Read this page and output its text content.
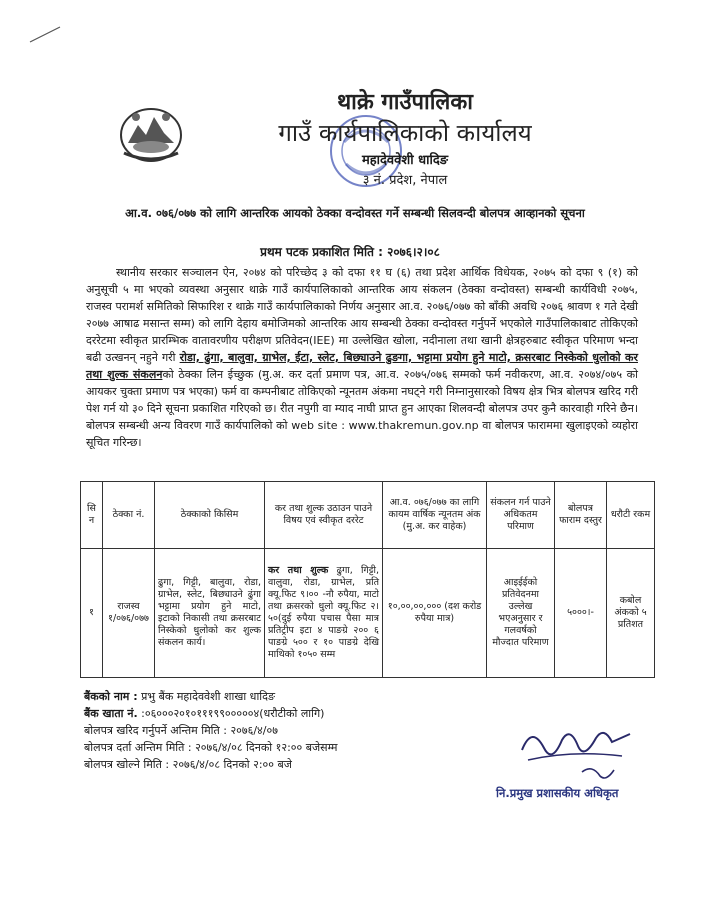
थाक्रे गाउँपालिका
गाउँ कार्यपालिकाको कार्यालय
महादेववेशी धादिङ
३ नं. प्रदेश, नेपाल
आ.व. ०७६/०७७ को लागि आन्तरिक आयको ठेक्का वन्दोवस्त गर्ने सम्बन्धी सिलवन्दी बोलपत्र आव्हानको सूचना
प्रथम पटक प्रकाशित मिति : २०७६।२।०८
स्थानीय सरकार सञ्चालन ऐन, २०७४ को परिच्छेद ३ को दफा ११ घ (६) तथा प्रदेश आर्थिक विधेयक, २०७५ को दफा ९ (१) को अनुसूची ५ मा भएको व्यवस्था अनुसार थाक्रे गाउँ कार्यपालिकाको आन्तरिक आय संकलन (ठेक्का वन्दोवस्त) सम्बन्धी कार्यविधी २०७५, राजस्व परामर्श समितिको सिफारिश र थाक्रे गाउँ कार्यपालिकाको निर्णय अनुसार आ.व. २०७६/०७७ को बाँकी अवधि २०७६ श्रावण १ गते देखी २०७७ आषाढ मसान्त सम्म) को लागि देहाय बमोजिमको आन्तरिक आय सम्बन्धी ठेक्का वन्दोवस्त गर्नुपर्ने भएकोले गाउँपालिकाबाट तोकिएको दररेटमा स्वीकृत प्रारम्भिक वातावरणीय परीक्षण प्रतिवेदन(IEE) मा उल्लेखित खोला, नदीनाला तथा खानी क्षेत्रहरुबाट स्वीकृत परिमाण भन्दा बढी उत्खनन् नहुने गरी रोडा, ढुंगा, बालुवा, ग्राभेल, ईटा, स्लेट, बिछ्याउने ढुङगा, भट्टामा प्रयोग हुने माटो, क्रसरबाट निस्केको धुलोको कर तथा शुल्क संकलनको ठेक्का लिन ईच्छुक (मु.अ. कर दर्ता प्रमाण पत्र, आ.व. २०७५/०७६ सम्मको फर्म नवीकरण, आ.व. २०७४/०७५ को आयकर चुक्ता प्रमाण पत्र भएका) फर्म वा कम्पनीबाट तोकिएको न्यूनतम अंकमा नघट्ने गरी निम्नानुसारको विषय क्षेत्र भित्र बोलपत्र खरिद गरी पेश गर्न यो ३० दिने सूचना प्रकाशित गरिएको छ। रीत नपुगी वा म्याद नाघी प्राप्त हुन आएका शिलवन्दी बोलपत्र उपर कुनै कारवाही गरिने छैन। बोलपत्र सम्बन्धी अन्य विवरण गाउँ कार्यपालिको को web site : www.thakremun.gov.np वा बोलपत्र फाराममा खुलाइएको व्यहोरा सूचित गरिन्छ।
सि न	ठेक्का नं.	ठेक्काको किसिम	कर तथा शुल्क उठाउन पाउने विषय एवं स्वीकृत दररेट	आ.व. ०७६/०७७ का लागि कायम वार्षिक न्यूनतम अंक (मु.अ. कर वाहेक)	संकलन गर्न पाउने अधिकतम परिमाण	बोलपत्र फाराम दस्तुर	धरौटी रकम
१	राजस्व १/०७६/०७७	ढुगा, गिट्टी, बालुवा, रोडा, ग्राभेल, स्लेट, बिछ्याउने ढुंगा भट्टामा प्रयोग हुने माटो, इटाको निकासी तथा क्रसरबाट निस्केको धुलोको कर शुल्क संकलन कार्य।	कर तथा शुल्क ढुगा, गिट्टी, वालुवा, रोडा, ग्राभेल, प्रति क्यू.फिट ९।०० -नौ रुपैया, माटो तथा क्रसरको धुलो क्यू.फिट २।५०(दुई रुपैया पचास पैसा मात्र प्रतिट्रीप इटा ४ पाङग्रे २०० ६ पाङग्रे ५०० र १० पाङग्रे देखि माथिको १०५० सम्म	१०,००,००,००० (दश करोड रुपैया मात्र)	आइईईको प्रतिवेदनमा उल्लेख भएअनुसार र गलवर्षको मौज्दात परिमाण	५०००।-	कबोल अंकको ५ प्रतिशत
बैंकको नाम : प्रभु बैंक महादेववेशी शाखा धादिङ
बैंक खाता नं. :०६०००२०१०१११९९०००००४(धरौटीको लागि)
बोलपत्र खरिद गर्नुपर्ने अन्तिम मिति : २०७६/४/०७
बोलपत्र दर्ता अन्तिम मिति : २०७६/४/०८ दिनको १२:०० बजेसम्म
बोलपत्र खोल्ने मिति : २०७६/४/०८ दिनको २:०० बजे
नि.प्रमुख प्रशासकीय अधिकृत
